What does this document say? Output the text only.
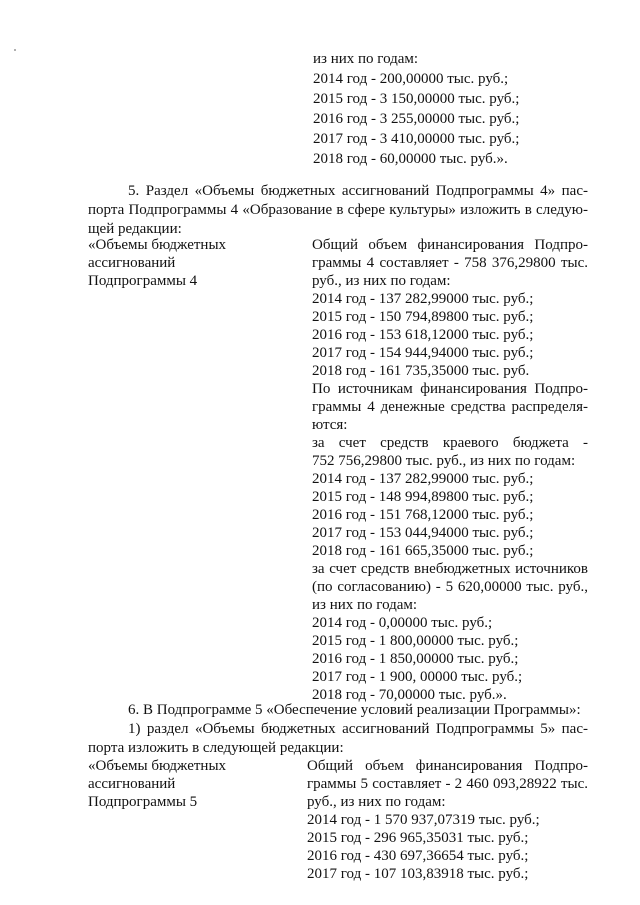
из них по годам:
2014 год - 200,00000 тыс. руб.;
2015 год - 3 150,00000 тыс. руб.;
2016 год - 3 255,00000 тыс. руб.;
2017 год - 3 410,00000 тыс. руб.;
2018 год - 60,00000 тыс. руб.».
5. Раздел «Объемы бюджетных ассигнований Подпрограммы 4» пас-
порта Подпрограммы 4 «Образование в сфере культуры» изложить в следую-
щей редакции:
«Объемы бюджетных
ассигнований
Подпрограммы 4
Общий объем финансирования Подпро-
граммы 4 составляет - 758 376,29800 тыс.
руб., из них по годам:
2014 год - 137 282,99000 тыс. руб.;
2015 год - 150 794,89800 тыс. руб.;
2016 год - 153 618,12000 тыс. руб.;
2017 год - 154 944,94000 тыс. руб.;
2018 год - 161 735,35000 тыс. руб.
По источникам финансирования Подпро-
граммы 4 денежные средства распределя-
ются:
за счет средств краевого бюджета -
752 756,29800 тыс. руб., из них по годам:
2014 год - 137 282,99000 тыс. руб.;
2015 год - 148 994,89800 тыс. руб.;
2016 год - 151 768,12000 тыс. руб.;
2017 год - 153 044,94000 тыс. руб.;
2018 год - 161 665,35000 тыс. руб.;
за счет средств внебюджетных источников
(по согласованию) - 5 620,00000 тыс. руб.,
из них по годам:
2014 год - 0,00000 тыс. руб.;
2015 год - 1 800,00000 тыс. руб.;
2016 год - 1 850,00000 тыс. руб.;
2017 год - 1 900, 00000 тыс. руб.;
2018 год - 70,00000 тыс. руб.».
6. В Подпрограмме 5 «Обеспечение условий реализации Программы»:
1) раздел «Объемы бюджетных ассигнований Подпрограммы 5» пас-
порта изложить в следующей редакции:
«Объемы бюджетных
ассигнований
Подпрограммы 5
Общий объем финансирования Подпро-
граммы 5 составляет - 2 460 093,28922 тыс.
руб., из них по годам:
2014 год - 1 570 937,07319 тыс. руб.;
2015 год - 296 965,35031 тыс. руб.;
2016 год - 430 697,36654 тыс. руб.;
2017 год - 107 103,83918 тыс. руб.;
